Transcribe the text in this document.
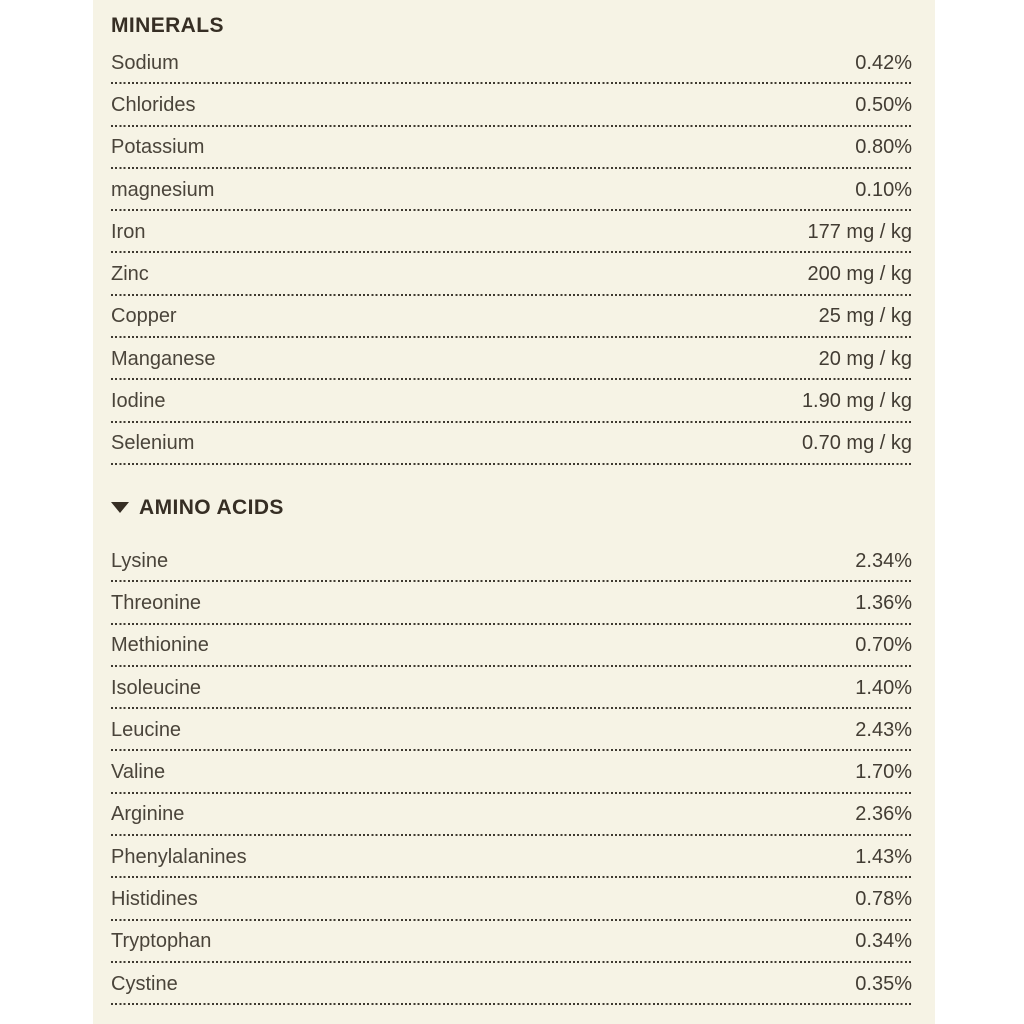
MINERALS
Sodium	0.42%
Chlorides	0.50%
Potassium	0.80%
magnesium	0.10%
Iron	177 mg / kg
Zinc	200 mg / kg
Copper	25 mg / kg
Manganese	20 mg / kg
Iodine	1.90 mg / kg
Selenium	0.70 mg / kg
AMINO ACIDS
Lysine	2.34%
Threonine	1.36%
Methionine	0.70%
Isoleucine	1.40%
Leucine	2.43%
Valine	1.70%
Arginine	2.36%
Phenylalanines	1.43%
Histidines	0.78%
Tryptophan	0.34%
Cystine	0.35%
